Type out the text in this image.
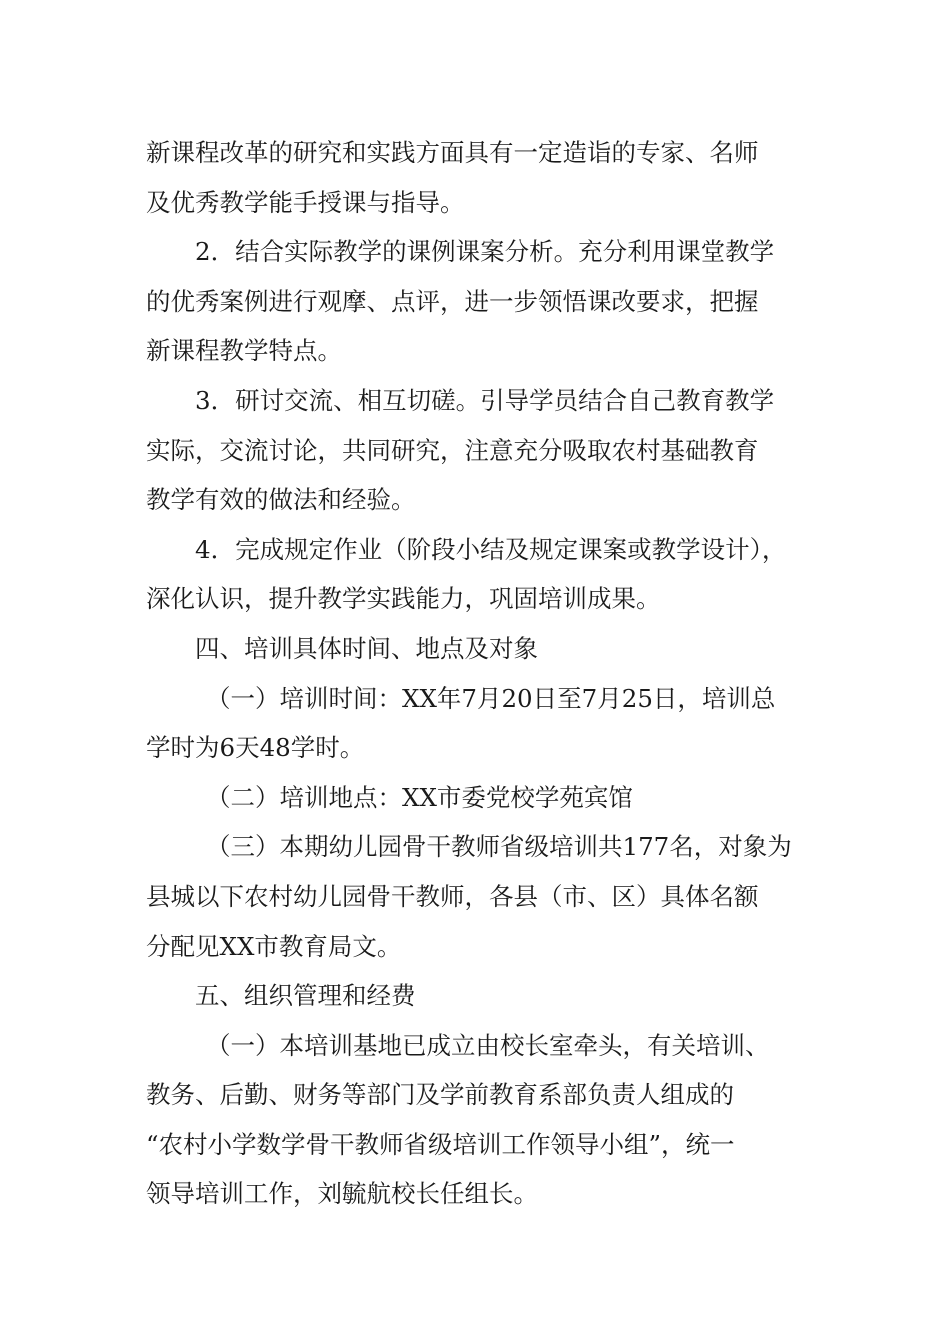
新课程改革的研究和实践方面具有一定造诣的专家、名师
及优秀教学能手授课与指导。

2．结合实际教学的课例课案分析。充分利用课堂教学
的优秀案例进行观摩、点评，进一步领悟课改要求，把握
新课程教学特点。

3．研讨交流、相互切磋。引导学员结合自己教育教学
实际，交流讨论，共同研究，注意充分吸取农村基础教育
教学有效的做法和经验。

4．完成规定作业（阶段小结及规定课案或教学设计），
深化认识，提升教学实践能力，巩固培训成果。

四、培训具体时间、地点及对象

（一）培训时间：XX年7月20日至7月25日，培训总
学时为6天48学时。

（二）培训地点：XX市委党校学苑宾馆

（三）本期幼儿园骨干教师省级培训共177名，对象为
县城以下农村幼儿园骨干教师，各县（市、区）具体名额
分配见XX市教育局文。

五、组织管理和经费

（一）本培训基地已成立由校长室牵头，有关培训、
教务、后勤、财务等部门及学前教育系部负责人组成的
“农村小学数学骨干教师省级培训工作领导小组”，统一
领导培训工作，刘毓航校长任组长。
